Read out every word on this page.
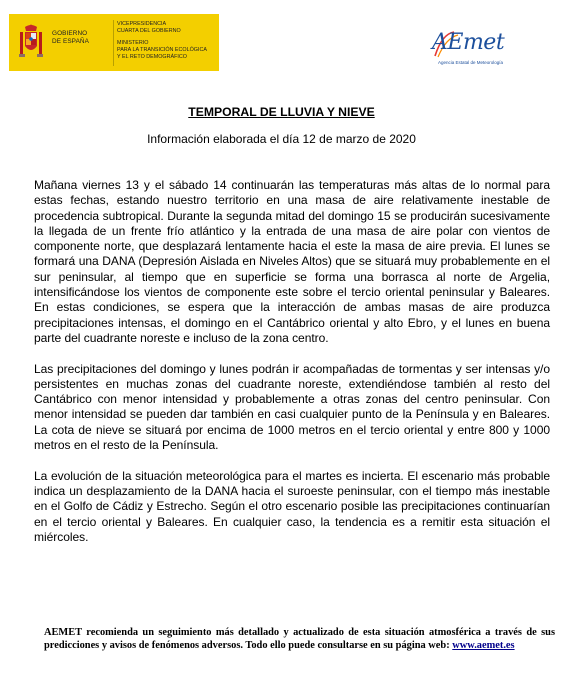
GOBIERNO
DE ESPAÑA
VICEPRESIDENCIA
CUARTA DEL GOBIERNO
MINISTERIO
PARA LA TRANSICIÓN ECOLÓGICA
Y EL RETO DEMOGRÁFICO
AEmet
Agencia Estatal de Meteorología
TEMPORAL DE LLUVIA Y NIEVE
Información elaborada el día 12 de marzo de 2020

Mañana viernes 13 y el sábado 14 continuarán las temperaturas más altas de lo normal para estas fechas, estando nuestro territorio en una masa de aire relativamente inestable de procedencia subtropical. Durante la segunda mitad del domingo 15 se producirán sucesivamente la llegada de un frente frío atlántico y la entrada de una masa de aire polar con vientos de componente norte, que desplazará lentamente hacia el este la masa de aire previa. El lunes se formará una DANA (Depresión Aislada en Niveles Altos) que se situará muy probablemente en el sur peninsular, al tiempo que en superficie se forma una borrasca al norte de Argelia, intensificándose los vientos de componente este sobre el tercio oriental peninsular y Baleares. En estas condiciones, se espera que la interacción de ambas masas de aire produzca precipitaciones intensas, el domingo en el Cantábrico oriental y alto Ebro, y el lunes en buena parte del cuadrante noreste e incluso de la zona centro.

Las precipitaciones del domingo y lunes podrán ir acompañadas de tormentas y ser intensas y/o persistentes en muchas zonas del cuadrante noreste, extendiéndose también al resto del Cantábrico con menor intensidad y probablemente a otras zonas del centro peninsular. Con menor intensidad se pueden dar también en casi cualquier punto de la Península y en Baleares. La cota de nieve se situará por encima de 1000 metros en el tercio oriental y entre 800 y 1000 metros en el resto de la Península.

La evolución de la situación meteorológica para el martes es incierta. El escenario más probable indica un desplazamiento de la DANA hacia el suroeste peninsular, con el tiempo más inestable en el Golfo de Cádiz y Estrecho. Según el otro escenario posible las precipitaciones continuarían en el tercio oriental y Baleares. En cualquier caso, la tendencia es a remitir esta situación el miércoles.

AEMET recomienda un seguimiento más detallado y actualizado de esta situación atmosférica a través de sus predicciones y avisos de fenómenos adversos. Todo ello puede consultarse en su página web: www.aemet.es
